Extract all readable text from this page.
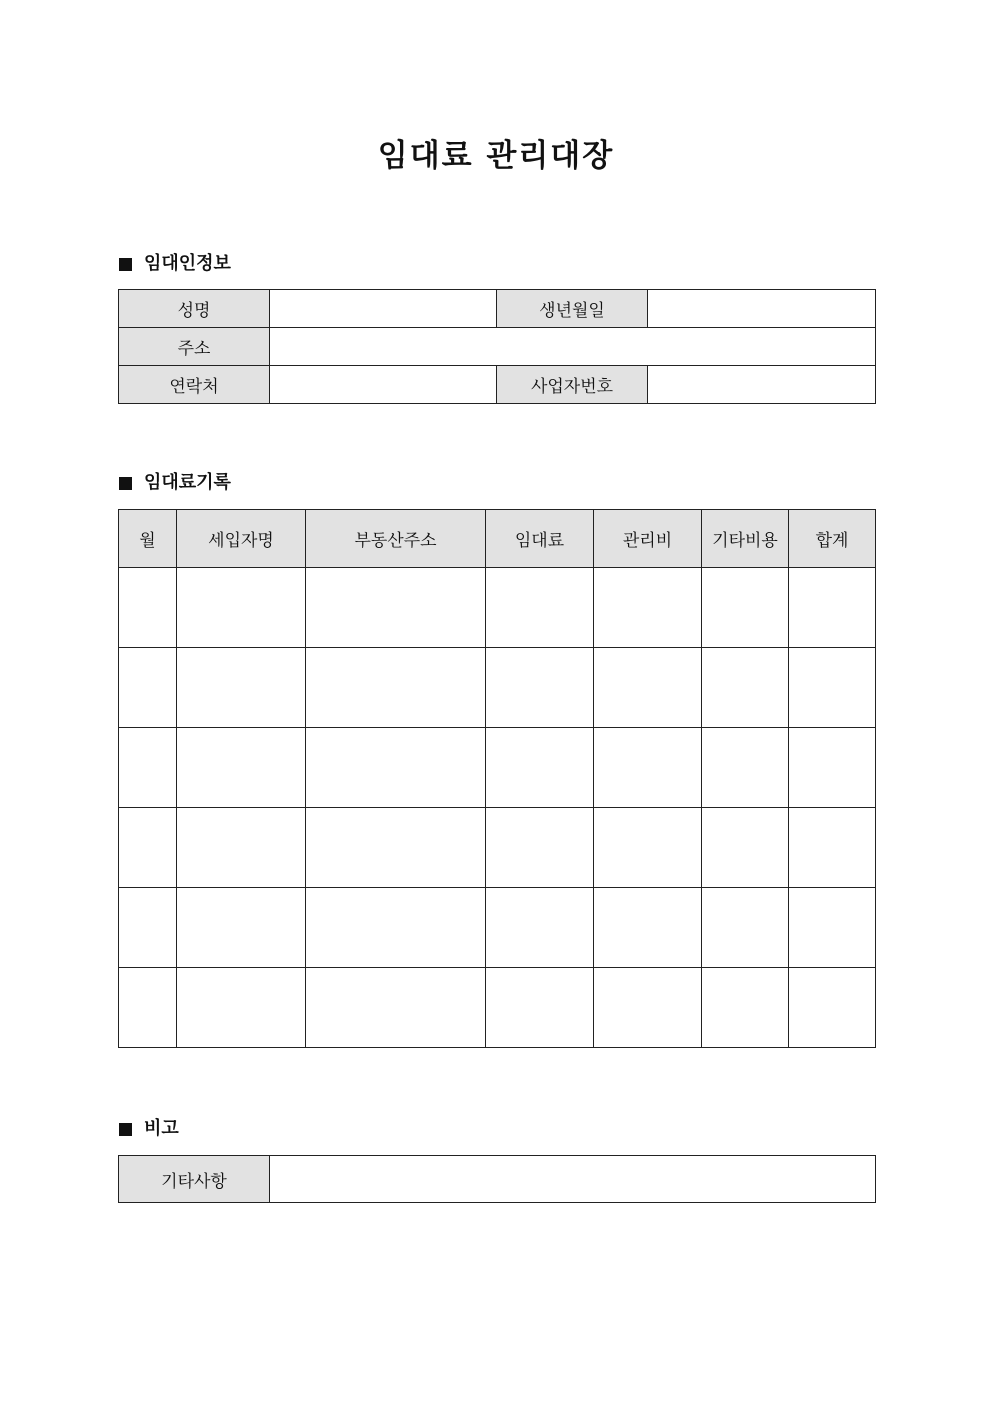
임대료 관리대장
임대인정보
성명		생년월일	
주소			
연락처		사업자번호	
임대료기록
월	세입자명	부동산주소	임대료	관리비	기타비용	합계

비고
기타사항	
